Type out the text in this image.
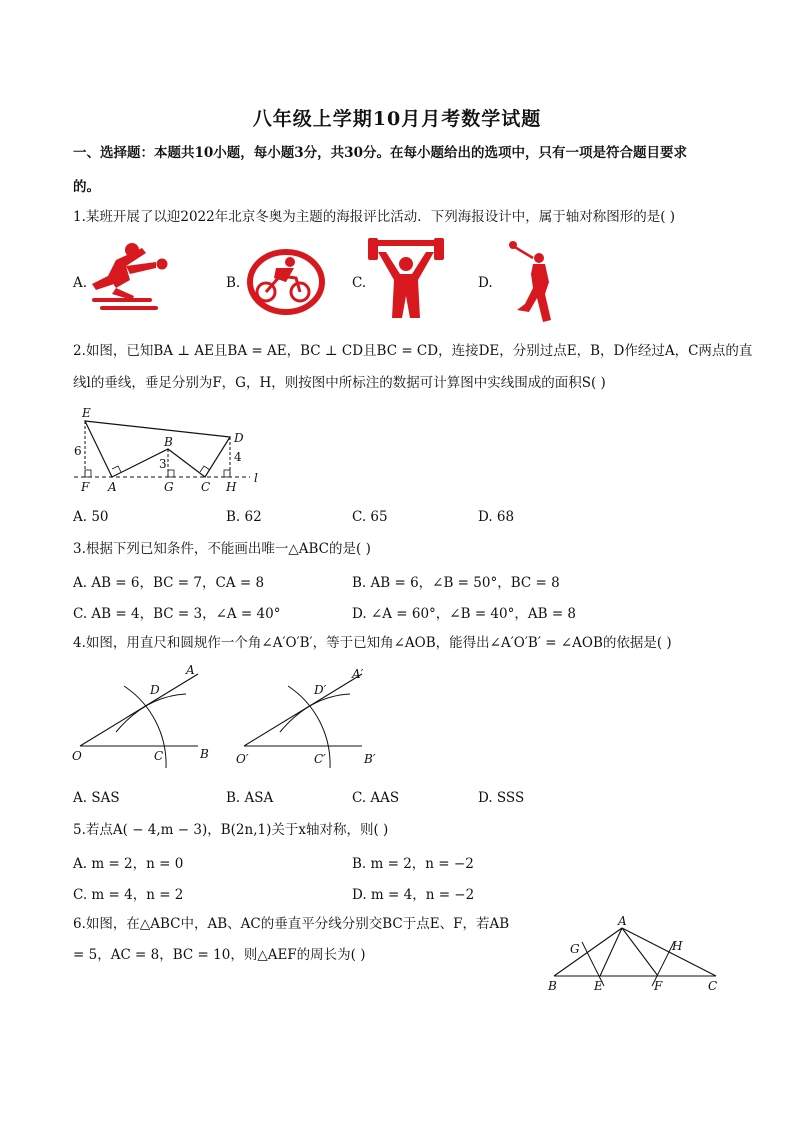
八年级上学期10月月考数学试题
一、选择题：本题共10小题，每小题3分，共30分。在每小题给出的选项中，只有一项是符合题目要求
的。
1.某班开展了以迎2022年北京冬奥为主题的海报评比活动．下列海报设计中，属于轴对称图形的是( )
A.	B.	C.	D.
2.如图，已知BA ⊥ AE且BA = AE，BC ⊥ CD且BC = CD，连接DE，分别过点E，B，D作经过A，C两点的直
线l的垂线，垂足分别为F，G，H，则按图中所标注的数据可计算图中实线围成的面积S( )
E
B	D
F A	G C H
l
6
3	4
A. 50	B. 62	C. 65	D. 68
3.根据下列已知条件，不能画出唯一△ABC的是( )
A. AB = 6，BC = 7，CA = 8	B. AB = 6，∠B = 50°，BC = 8
C. AB = 4，BC = 3，∠A = 40°	D. ∠A = 60°，∠B = 40°，AB = 8
4.如图，用直尺和圆规作一个角∠A′O′B′，等于已知角∠AOB，能得出∠A′O′B′ = ∠AOB的依据是( )
A
D
O	C	B
A′
D′
O′	C′	B′
A. SAS	B. ASA	C. AAS	D. SSS
5.若点A( − 4,m − 3)，B(2n,1)关于x轴对称，则( )
A. m = 2，n = 0	B. m = 2，n = −2
C. m = 4，n = 2	D. m = 4，n = −2
6.如图，在△ABC中，AB、AC的垂直平分线分别交BC于点E、F，若AB
= 5，AC = 8，BC = 10，则△AEF的周长为( )
A
G	H
B	E	F	C
